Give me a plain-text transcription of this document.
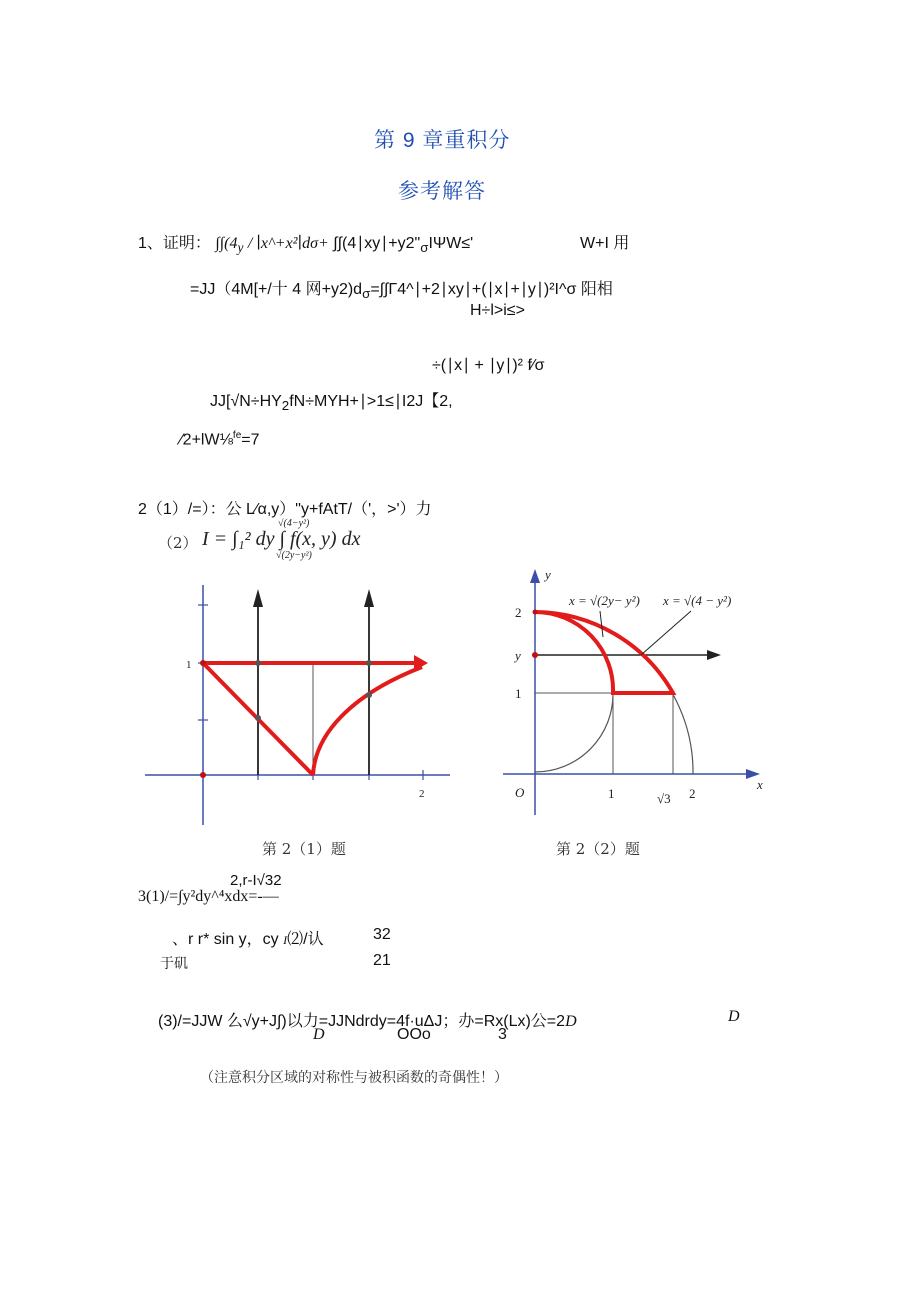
第 9 章重积分
参考解答
1、证明： $\int\int(4_y$ / ∣x^+x²∣dσ+ $\int\int(4∣xy∣+y2"_\sigma I\Psi W\le'$	W+I 用
=JJ（4M[+/十 4 网$+y2)d_\sigma=\int\int\Gamma 4\^{}∣+2∣xy∣+(∣x∣+∣y∣)^2I\^{}\sigma$ 阳相
H÷l>i≤>
÷(∣x∣ + ∣y∣)² f∕σ
$JJ[√N\div HY_2fN\div MYH+∣>1\le∣I2J$【2,
∕2+lW⅛$^{fe}$=7
2（1）/=）：公 L∕α,y）"y+fAtT/（'，>'）力
（2） I = ∫₁² dy ∫ f(x, y) dx
√(4−y²)
√(2y−y²)
1
2
y
x
O
x = √(2y− y²) x = √(4 − y²)
2
y
1
1	√3 2
第 2（1）题	第 2（2）题
2,r-I√32
3(1)/=∫y²dy^⁴xdx=-—
、r r* sin y，cy I⑵/认	32
于矶	21
(3)/=JJW 么√y+J∫)以力=JJNdrdy=4f·uΔJ；办=Rx(Lx)公=2D	D
D	OOo	3
（注意积分区域的对称性与被积函数的奇偶性！）
